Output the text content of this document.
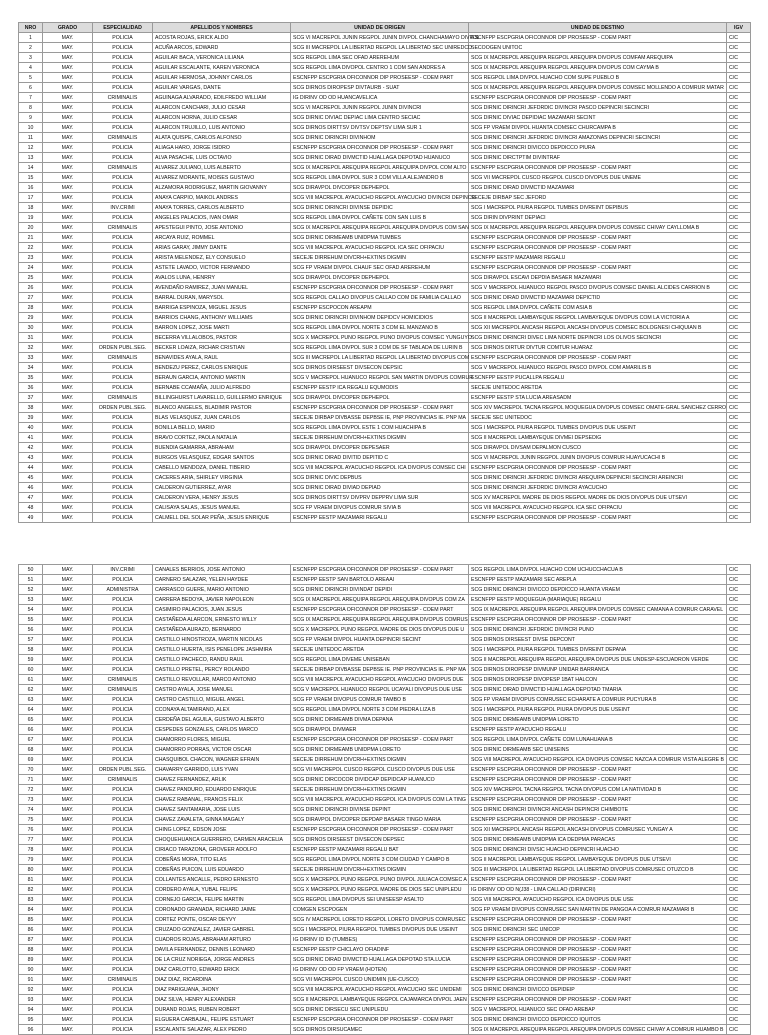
NRO	GRADO	ESPECIALIDAD	APELLIDOS Y NOMBRES	UNIDAD DE ORIGEN	UNIDAD DE DESTINO	IGV
1	MAY.	POLICIA	ACOSTA ROJAS, ERICK ALDO	SCG VI MACREPOL JUNIN REGPOL JUNIN DIVPOL CHANCHAMAYO DIVPOL	ESCNFPP ESCPGRIA OFICONNOR DIP PROSEESP - COEM PART	C/C
2	MAY.	POLICIA	ACUÑA ARCOS, EDWARD	SCG III MACREPOL LA LIBERTAD REGPOL LA LIBERTAD SEC UNIREDCD	SECOOGEN UNITOC	C/C
3	MAY.	POLICIA	AGUILAR BACA, VERONICA LILIANA	SCG REGPOL LIMA SEC OFAD AREREHUM	SCG IX MACREPOL AREQUIPA REGPOL AREQUIPA DIVOPUS COMFAM AREQUIPA	C/C
4	MAY.	POLICIA	AGUILAR ESCALANTE, KAREN VERONICA	SCG REGPOL LIMA DIVOPOL CENTRO 1 COM SAN ANDRES A	SCG IX MACREPOL AREQUIPA REGPOL AREQUIPA DIVOPUS COM CAYMA B	C/C
5	MAY.	POLICIA	AGUILAR HERMOSA, JOHNNY CARLOS	ESCNFPP ESCPGRIA OFICONNOR DIP PROSEESP - COEM PART	SCG REGPOL LIMA DIVPOL HUACHO COM SUPE PUEBLO B	C/C
6	MAY.	POLICIA	AGUILAR VARGAS, DANTE	SCG DIRNOS DIROPESP DIVTAURB - SUAT	SCG IX MACREPOL AREQUIPA REGPOL AREQUIPA DIVOPUS COMSEC MOLLENDO A COMRUR MATAR	C/C
7	MAY.	CRIMINALIS	AGUINAGA ALVARADO, EDILFREDO WILLIAM	IG DIRINV OD OD HUANCAVELICA	ESCNFPP ESCPGRIA OFICONNOR DIP PROSEESP - COEM PART	C/C
8	MAY.	POLICIA	ALARCON CANCHARI, JULIO CESAR	SCG VI MACREPOL JUNIN REGPOL JUNIN DIVINCRI	SCG DIRNIC DIRINCRI JEFDRDIC DIVINCRI PASCO DEPINCRI SECINCRI	C/C
9	MAY.	POLICIA	ALARCON HORNA, JULIO CESAR	SCG DIRNIC DIVIAC DEPIAC LIMA CENTRO SECIAC	SCG DIRNIC DIVIAC DEPIDIAC MAZAMARI SECINT	C/C
10	MAY.	POLICIA	ALARCON TRUJILLO, LUIS ANTONIO	SCG DIRNOS DIRTTSV DIVTSV DEPTSV LIMA SUR 1	SCG FP VRAEM DIVPOL HUANTA COMSEC CHURCAMPA B	C/C
11	MAY.	CRIMINALIS	ALATA QUISPE, CARLOS ALFONSO	SCG DIRNIC DIRINCRI DIVINHOM	SCG DIRNIC DIRINCRI JEFDRDIC DIVINCRI AMAZONAS DEPINCRI SECINCRI	C/C
12	MAY.	POLICIA	ALIAGA HARO, JORGE ISIDRO	ESCNFPP ESCPGRIA OFICONNOR DIP PROSEESP - COEM PART	SCG DIRNIC DIRINCRI DIVICCO DEPDICCO PIURA	C/C
13	MAY.	POLICIA	ALVA PASACHE, LUIS OCTAVIO	SCG DIRNIC DIRAD DIVMCTID HUALLAGA DEPOTAD HUANUCO	SCG DIRNIC DIRCTPTIM DIVINTRAF	C/C
14	MAY.	CRIMINALIS	ALVAREZ JULIANO, LUIS ALBERTO	SCG IX MACREPOL AREQUIPA REGPOL AREQUIPA DIVPOL COM ALTO	ESCNFPP ESCPGRIA OFICONNOR DIP PROSEESP - COEM PART	C/C
15	MAY.	POLICIA	ALVAREZ MORANTE, MOISES GUSTAVO	SCG REGPOL LIMA DIVPOL SUR 3 COM VILLA ALEJANDRO B	SCG VII MACREPOL CUSCO REGPOL CUSCO DIVOPUS DUE UNEME	C/C
16	MAY.	POLICIA	ALZAMORA RODRIGUEZ, MARTIN GIOVANNY	SCG DIRAVPOL DIVCOPER DEPHEPOL	SCG DIRNIC DIRAD DIVMCTID MAZAMARI	C/C
17	MAY.	POLICIA	ANAYA CARPIO, MAIKOL ANDRES	SCG VIII MACREPOL AYACUCHO REGPOL AYACUCHO DIVINCRI DEPINCR	SECEJE DIRBAP SEC JEFORD	C/C
18	MAY.	INV.CRIMI	ANAYA TORRES, CARLOS ALBERTO	SCG DIRNIC DIRINCRI DIVINSE DEPIDIC	SCG I MACREPOL PIURA REGPOL TUMBES DIVREINT DEPIBUS	C/C
19	MAY.	POLICIA	ANGELES PALACIOS, IVAN OMAR	SCG REGPOL LIMA DIVPOL CAÑETE CON SAN LUIS B	SCG DIRIN DIVPRINT DEPIACI	C/C
20	MAY.	CRIMINALIS	APESTEGUI PINTO, JOSE ANTONIO	SCG IX MACREPOL AREQUIPA REGPOL AREQUIPA DIVOPUS COM SAN	SCG IX MACREPOL AREQUIPA REGPOL AREQUIPA DIVOPUS COMSEC CHIVAY CAYLLOMA B	C/C
21	MAY.	POLICIA	ARCAYA RUIZ, ROMMEL	SCG DIRNIC DIRMEAMB UNIDPMA TUMBES	ESCNFPP ESCPGRIA OFICONNOR DIP PROSEESP - COEM PART	C/C
22	MAY.	POLICIA	ARIAS GARAY, JIMMY DANTE	SCG VIII MACREPOL AYACUCHO REGPOL ICA SEC OFIPACIU	ESCNFPP ESCPGRIA OFICONNOR DIP PROSEESP - COEM PART	C/C
23	MAY.	POLICIA	ARISTA MELENDEZ, ELY CONSUELO	SECEJE DIRREHUM DIVCRH+EXTINS DIGMIN	ESCNFPP EESTP MAZAMARI REGALU	C/C
24	MAY.	POLICIA	ASTETE LAVADO, VICTOR FERNANDO	SCG FP VRAEM DIVPOL CHAUF SEC OFAD AREREHUM	ESCNFPP ESCPGRIA OFICONNOR DIP PROSEESP - COEM PART	C/C
25	MAY.	POLICIA	AVALOS LUNA, HENRRY	SCG DIRAVPOL DIVCOPER DEPHEPOL	SCG DIRAVPOL ESCAVI DEPDIA BASAER MAZAMARI	C/C
26	MAY.	POLICIA	AVENDAÑO RAMIREZ, JUAN MANUEL	ESCNFPP ESCPGRIA OFICONNOR DIP PROSEESP - COEM PART	SCG V MACREPOL HUANUCO REGPOL PASCO DIVOPUS COMSEC DANIEL ALCIDES CARRION B	C/C
27	MAY.	POLICIA	BARRAL DURAN, MARYSOL	SCG REGPOL CALLAO DIVOPUS CALLAO COM DE FAMILIA CALLAO	SCG DIRNIC DIRAD DIVMCTID MAZAMARI DEPICTID	C/C
28	MAY.	POLICIA	BARRIGA ESPINOZA, MIGUEL JESUS	ESCNFPP ESCPOCON AREAPM	SCG REGPOL LIMA DIVPOL CAÑETE COM ASIA B	C/C
29	MAY.	POLICIA	BARRIOS CHANG, ANTHONY WILLIAMS	SCG DIRNIC DIRINCRI DIVINHOM DEPIDCV HOMICIDIOS	SCG II MACREPOL LAMBAYEQUE REGPOL LAMBAYEQUE DIVOPUS COM LA VICTORIA A	C/C
30	MAY.	POLICIA	BARRON LOPEZ, JOSE MARTI	SCG REGPOL LIMA DIVPOL NORTE 3 COM EL MANZANO B	SCG XII MACREPOL ANCASH REGPOL ANCASH DIVOPUS COMSEC BOLOGNESI CHIQUIAN B	C/C
31	MAY.	POLICIA	BECERRA VILLALOBOS, PASTOR	SCG X MACREPOL PUNO REGPOL PUNO DIVOPUS COMSEC YUNGUYO	SCG DIRNIC DIRINCRI DIVEC LIMA NORTE DEPINCRI LOS OLIVOS SECINCRI	C/C
32	MAY.	ORDEN PUBL.SEG.	BECKER LOAIZA, RICHAR CRISTIAN	SCG REGPOL LIMA DIVPOL SUR 3 COM DE SF TABLADA DE LURIN B	SCG DIRNOS DIRTUR DIVTUR COMTUR HUARAZ	C/C
33	MAY.	CRIMINALIS	BENAVIDES AYALA, RAUL	SCG III MACREPOL LA LIBERTAD REGPOL LA LIBERTAD DIVOPUS COM	ESCNFPP ESCPGRIA OFICONNOR DIP PROSEESP - COEM PART	C/C
34	MAY.	POLICIA	BENDEZU PEREZ, CARLOS ENRIQUE	SCG DIRNOS DIRSEEST DIVSECON DEPSIC	SCG V MACREPOL HUANUCO REGPOL PASCO DIVPOL COM AMARILIS B	C/C
35	MAY.	POLICIA	BERAUN GARCIA, ANTONIO MARTIN	SCG V MACREPOL HUANUCO REGPOL SAN MARTIN DIVOPUS COMRUR	ESCNFPP EESTP PUCALLPA REGALU	C/C
36	MAY.	POLICIA	BERNABE CCAMAÑA, JULIO ALFREDO	ESCNFPP EESTP ICA REGALU EQUMODIS	SECEJE UNITEDOC ARETDA	C/C
37	MAY.	CRIMINALIS	BILLINGHURST LAVARELLO, GUILLERMO ENRIQUE	SCG DIRAVPOL DIVCOPER DEPHEPOL	ESCNFPP EESTP STA LUCIA AREASADM	C/C
38	MAY.	ORDEN PUBL.SEG.	BLANCO ANGELES, BLADIMIR PASTOR	ESCNFPP ESCPGRIA OFICONNOR DIP PROSEESP - COEM PART	SCG XIV MACREPOL TACNA REGPOL MOQUEGUA DIVOPUS COMSEC OMATE-GRAL SANCHEZ CERRO	C/C
39	MAY.	POLICIA	BLAS VELASQUEZ, JUAN CARLOS	SECEJE DIRBAP DIVBASSE DEPBSE IE, PNP PROVINCIAS IE. PNP MA	SECEJE SEC UNITEDOC	C/C
40	MAY.	POLICIA	BONILLA BELLO, MARIO	SCG REGPOL LIMA DIVPOL ESTE 1 COM HUACHIPA B	SCG I MACREPOL PIURA REGPOL TUMBES DIVOPUS DUE USEINT	C/C
41	MAY.	POLICIA	BRAVO CORTEZ, PAOLA NATALIA	SECEJE DIRREHUM DIVCRH+EXTINS DIGMIN	SCG II MACREPOL LAMBAYEQUE DIVMEI DEPSEDIG	C/C
42	MAY.	POLICIA	BUENDIA GAMARRA, ABRAHAM	SCG DIRAVPOL DIVCOPER DEPESAER	SCG DIRAVPOL DIVSAM DEPALMON CUSCO	C/C
43	MAY.	POLICIA	BURGOS VELASQUEZ, EDGAR SANTOS	SCG DIRNIC DIRAD DIVITID DEPITID C	SCG VI MACREPOL JUNIN REGPOL JUNIN DIVOPUS COMRUR HUAYUCACHI B	C/C
44	MAY.	POLICIA	CABELLO MENDOZA, DANIEL TIBERIO	SCG VIII MACREPOL AYACUCHO REGPOL ICA DIVOPUS COMSEC CHI	ESCNFPP ESCPGRIA OFICONNOR DIP PROSEESP - COEM PART	C/C
45	MAY.	POLICIA	CACERES ARIA, SHIRLEY VIRGINIA	SCG DIRNIC DIVIC DEPBUS	SCG DIRNIC DIRINCRI JEFDRDIC DIVINCRI AREQUIPA DEPINCRI SECINCRI AREINCRI	C/C
46	MAY.	POLICIA	CALDERON GUTIERREZ, AYAR	SCG DIRNIC DIRAD DIVIAD DEPIAD	SCG DIRNIC DIRINCRI JEFDRDIC DIVINCRI AYACUCHO	C/C
47	MAY.	POLICIA	CALDERON VERA, HENRY JESUS	SCG DIRNOS DIRTTSV DIVPRV DEPPRV LIMA SUR	SCG XV MACREPOL MADRE DE DIOS REGPOL MADRE DE DIOS DIVOPUS DUE UTSEVI	C/C
48	MAY.	POLICIA	CALISAYA SALAS, JESUS MANUEL	SCG FP VRAEM DIVOPUS COMRUR SIVIA B	SCG VIII MACREPOL AYACUCHO REGPOL ICA SEC OFIPACIU	C/C
49	MAY.	POLICIA	CALMELL DEL SOLAR PEÑA, JESUS ENRIQUE	ESCNFPP EESTP MAZAMARI REGALU	ESCNFPP ESCPGRIA OFICONNOR DIP PROSEESP - COEM PART	C/C
50	MAY.	INV.CRIMI	CANALES BERRIOS, JOSE ANTONIO	ESCNFPP ESCPGRIA OFICONNOR DIP PROSEESP - COEM PART	SCG REGPOL LIMA DIVPOL HUACHO COM UCHUCCHACUA B	C/C
51	MAY.	POLICIA	CARNERO SALAZAR, YELEN HAYDEE	ESCNFPP EESTP SAN BARTOLO AREAAI	ESCNFPP EESTP MAZAMARI SEC AREPLA	C/C
52	MAY.	ADMINISTRA	CARRASCO GUERE, MARIO ANTONIO	SCG DIRNIC DIRINCRI DIVINDAT DEPIDI	SCG DIRNIC DIRINCRI DIVICCO DEPDICCO HUANTA VRAEM	C/C
53	MAY.	POLICIA	CARRERA BEDOYA, JAVIER NAPOLEON	SCG IX MACREPOL AREQUIPA REGPOL AREQUIPA DIVOPUS COM ZA	ESCNFPP EESTP MOQUEGUA (MARIAQUE) REGALU	C/C
54	MAY.	POLICIA	CASIMIRO PALACIOS, JUAN JESUS	ESCNFPP ESCPGRIA OFICONNOR DIP PROSEESP - COEM PART	SCG IX MACREPOL AREQUIPA REGPOL AREQUIPA DIVOPUS COMSEC CAMANA A COMRUR CARAVEL	C/C
55	MAY.	POLICIA	CASTAÑEDA ALARCON, ERNESTO WILLY	SCG IX MACREPOL AREQUIPA REGPOL AREQUIPA DIVOPUS COMRUS	ESCNFPP ESCPGRIA OFICONNOR DIP PROSEESP - COEM PART	C/C
56	MAY.	POLICIA	CASTAÑEDA AURAZO, BERNARDO	SCG X MACREPOL PUNO REGPOL MADRE DE DIOS DIVOPUS DUE U	SCG DIRNIC DIRINCRI JEFDRDIC DIVINCRI PUNO	C/C
57	MAY.	POLICIA	CASTILLO HINOSTROZA, MARTIN NICOLAS	SCG FP VRAEM DIVPOL HUANTA DEPINCRI SECINT	SCG DIRNOS DIRSEEST DIVSE DEPCONT	C/C
58	MAY.	POLICIA	CASTILLO HUERTA, ISIS PENELOPE JASHMIRA	SECEJE UNITEDOC ARETDA	SCG I MACREPOL PIURA REGPOL TUMBES DIVREINT DEPANA	C/C
59	MAY.	POLICIA	CASTILLO PACHECO, RANDU RAUL	SCG REGPOL LIMA DIVEME UNISEBAN	SCG II MACREPOL AREQUIPA REGPOL AREQUIPA DIVOPUS DUE UNDESP-ESCUADRON VERDE	C/C
60	MAY.	POLICIA	CASTILLO PRETEL, PERCY ROLANDO	SECEJE DIRBAP DIVBASSE DEPBSE IE. PNP PROVINCIAS IE. PNP MA	SCG DIRNOS DIROPESP DIVMUNP UNIDAR BARRANCA	C/C
61	MAY.	CRIMINALIS	CASTILLO REVOLLAR, MARCO ANTONIO	SCG VIII MACREPOL AYACUCHO REGPOL AYACUCHO DIVOPUS DUE	SCG DIRNOS DIROPESP DIVOPESP 1BAT HALCON	C/C
62	MAY.	CRIMINALIS	CASTRO AYALA, JOSE MANUEL	SCG V MACREPOL HUANUCO REGPOL UCAYALI DIVOPUS DUE USE	SCG DIRNIC DIRAD DIVMCTID HUALLAGA DEPOTAD TMARIA	C/C
63	MAY.	POLICIA	CASTRO CASTILLO, MIGUEL ANGEL	SCG FP VRAEM DIVOPUS COMRUR TAMBO B	SCG FP VRAEM DIVOPUS COMRUSEC ECHARATE A COMRUR PUCYURA B	C/C
64	MAY.	POLICIA	CCONAYA ALTAMIRANO, ALEX	SCG REGPOL LIMA DIVPOL NORTE 3 COM PIEDRA LIZA B	SCG I MACREPOL PIURA REGPOL PIURA DIVOPUS DUE USEINT	C/C
65	MAY.	POLICIA	CERDEÑA DEL AGUILA, GUSTAVO ALBERTO	SCG DIRNIC DIRMEAMB DIVMA DEPANA	SCG DIRNIC DIRMEAMB UNIDPMA LORETO	C/C
66	MAY.	POLICIA	CESPEDES GONZALES, CARLOS MARCO	SCG DIRAVPOL DIVMAER	ESCNFPP EESTP AYACUCHO REGALU	C/C
67	MAY.	POLICIA	CHAMORRO FLORES, MIGUEL	ESCNFPP ESCPGRIA OFICONNOR DIP PROSEESP - COEM PART	SCG REGPOL LIMA DIVPOL CAÑETE COM LUNAHUANA B	C/C
68	MAY.	POLICIA	CHAMORRO PORRAS, VICTOR OSCAR	SCG DIRNIC DIRMEAMB UNIDPMA LORETO	SCG DIRNIC DIRMEAMB SEC UNISEINS	C/C
69	MAY.	POLICIA	CHASQUIBOL CHACON, WAGNER EFRAIN	SECEJE DIRREHUM DIVCRH+EXTINS DIGMIN	SCG VIII MACREPOL AYACUCHO REGPOL ICA DIVOPUS COMSEC NAZCA A COMRUR VISTA ALEGRE B	C/C
70	MAY.	ORDEN PUBL.SEG.	CHAVARRY GARRIDO, LUIS YVAN	SCG VII MACREPOL CUSCO REGPOL CUSCO DIVOPUS DUE USE	ESCNFPP ESCPGRIA OFICONNOR DIP PROSEESP - COEM PART	C/C
71	MAY.	CRIMINALIS	CHAVEZ FERNANDEZ, ARLIK	SCG DIRNIC DIRCOCOR DIVIDCAP DEPIDCAP HUANUCO	ESCNFPP ESCPGRIA OFICONNOR DIP PROSEESP - COEM PART	C/C
72	MAY.	POLICIA	CHAVEZ PANDURO, EDUARDO ENRIQUE	SECEJE DIRREHUM DIVCRH+EXTINS DIGMIN	SCG XIV MACREPOL TACNA REGPOL TACNA DIVOPUS COM LA NATIVIDAD B	C/C
73	MAY.	POLICIA	CHAVEZ RABANAL, FRANCIS FELIX	SCG VIII MACREPOL AYACUCHO REGPOL ICA DIVOPUS COM LA TING	ESCNFPP ESCPGRIA OFICONNOR DIP PROSEESP - COEM PART	C/C
74	MAY.	POLICIA	CHAVEZ SANTAMARIA, JOSE LUIS	SCG DIRNIC DIRINCRI DIVINSE DEPINT	SCG DIRNIC DIRINCRI DIVINCRI ANCASH DEPINCRI CHIMBOTE	C/C
75	MAY.	POLICIA	CHAVEZ ZAVALETA, GINNA MAGALY	SCG DIRAVPOL DIVCOPER DEPDAP BASAER TINGO MARIA	ESCNFPP ESCPGRIA OFICONNOR DIP PROSEESP - COEM PART	C/C
76	MAY.	POLICIA	CHING LOPEZ, EDSON JOSE	ESCNFPP ESCPGRIA OFICONNOR DIP PROSEESP - COEM PART	SCG XII MACREPOL ANCASH REGPOL ANCASH DIVOPUS COMRUSEC YUNGAY A	C/C
77	MAY.	POLICIA	CHOQUEHUANCA GUERRERO, CARMEN ARACELIA	SCG DIRNOS DIRSEEST DIVSECON DEPSEC	SCG DIRNIC DIRMEAMB UNIDPMA ICA DEDPMA PARACAS	C/C
78	MAY.	POLICIA	CIRIACO TARAZONA, GROVEER ADOLFO	ESCNFPP EESTP MAZAMARI REGALU BAT	SCG DIRNIC DIRINCRI DIVSIC HUACHO DEPINCRI HUACHO	C/C
79	MAY.	POLICIA	COBEÑAS MORA, TITO ELAS	SCG REGPOL LIMA DIVPOL NORTE 3 COM CIUDAD Y CAMPO B	SCG II MACREPOL LAMBAYEQUE REGPOL LAMBAYEQUE DIVOPUS DUE UTSEVI	C/C
80	MAY.	POLICIA	COBEÑAS PUICON, LUIS EDUARDO	SECEJE DIRREHUM DIVCRH+EXTINS DIGMIN	SCG III MACREPOL LA LIBERTAD REGPOL LA LIBERTAD DIVOPUS COMRUSEC OTUZCO B	C/C
81	MAY.	POLICIA	COLLANTES ANCALLE, PEDRO ERNESTO	SCG X MACREPOL PUNO REGPOL PUNO DIVPOL JULIACA COMSEC A	ESCNFPP ESCPGRIA OFICONNOR DIP PROSEESP - COEM PART	C/C
82	MAY.	POLICIA	CORDERO AYALA, YUBAL FELIPE	SCG X MACREPOL PUNO REGPOL MADRE DE DIOS SEC UNIPLEDU	IG DIRINV OD OD N(J38 - LIMA CALLAO (DIRINCRI)	C/C
83	MAY.	POLICIA	CORNEJO GARCIA, FELIPE MARTIN	SCG REGPOL LIMA DIVOPUS SEI UNISEESP ASALTO	SCG VIII MACREPOL AYACUCHO REGPOL ICA DIVOPUS DUE USE	C/C
84	MAY.	POLICIA	CORONADO GRANADA, RICHARD JAIME	COMGEN ESCPOGEN	SCG FP VRAEM DIVOPUS COMRUSEC SAN MARTIN DE PANGOA A COMRUR MAZAMARI B	C/C
85	MAY.	POLICIA	CORTEZ PONTE, OSCAR DEYVY	SCG IV MACREPOL LORETO REGPOL LORETO DIVOPUS COMRUSEC	ESCNFPP ESCPGRIA OFICONNOR DIP PROSEESP - COEM PART	C/C
86	MAY.	POLICIA	CRUZADO GONZALEZ, JAVIER GABRIEL	SCG I MACREPOL PIURA REGPOL TUMBES DIVOPUS DUE USEINT	SCG DIRNIC DIRINCRI SEC UNICOP	C/C
87	MAY.	POLICIA	CUADROS ROJAS, ABRAHAM ARTURO	IG DIRINV ID ID (TUMBES)	ESCNFPP ESCPGRIA OFICONNOR DIP PROSEESP - COEM PART	C/C
88	MAY.	POLICIA	DAVILA FERNANDEZ, DENNIS LEONARD	ESCNFPP EESTP CHICLAYO OFIADINF	ESCNFPP ESCPGRIA OFICONNOR DIP PROSEESP - COEM PART	C/C
89	MAY.	POLICIA	DE LA CRUZ NORIEGA, JORGE ANDRES	SCG DIRNIC DIRAD DIVMCTID HUALLAGA DEPOTAD STA.LUCIA	ESCNFPP ESCPGRIA OFICONNOR DIP PROSEESP - COEM PART	C/C
90	MAY.	POLICIA	DIAZ CARLOTTO, EDWARD ERICK	IG DIRINV OD OD FP VRAEM (HOTEN)	ESCNFPP ESCPGRIA OFICONNOR DIP PROSEESP - COEM PART	C/C
91	MAY.	CRIMINALIS	DIAZ DIAZ, RICARDINA	SCG VII MACREPOL CUSCO UNIDMIN (UE-CUSCO)	ESCNFPP ESCPGRIA OFICONNOR DIP PROSEESP - COEM PART	C/C
92	MAY.	POLICIA	DIAZ PARIGUANA, JHONY	SCG VIII MACREPOL AYACUCHO REGPOL AYACUCHO SEC UNIDEMI	SCG DIRNIC DIRINCRI DIVICCO DEPIDEIP	C/C
93	MAY.	POLICIA	DIAZ SILVA, HENRY ALEXANDER	SCG II MACREPOL LAMBAYEQUE REGPOL CAJAMARCA DIVPOL JAEN	ESCNFPP ESCPGRIA OFICONNOR DIP PROSEESP - COEM PART	C/C
94	MAY.	POLICIA	DURAND ROJAS, RUBEN ROBERT	SCG DIRNIC DIRSECU SEC UNIPLEDU	SCG V MACREPOL HUANUCO SEC OFAD AREBAP	C/C
95	MAY.	POLICIA	ELGUERA CARBAJAL, FELIPE ESTUART	ESCNFPP ESCPGRIA OFICONNOR DIP PROSEESP - COEM PART	SCG DIRNIC DIRINCRI DIVICCO DEPDICCO IQUITOS	C/C
96	MAY.	POLICIA	ESCALANTE SALAZAR, ALEX PEDRO	SCG DIRNOS DIRSUCAMEC	SCG IX MACREPOL AREQUIPA REGPOL AREQUIPA DIVOPUS COMSEC CHIVAY A COMRUR HUAMBO B	C/C
